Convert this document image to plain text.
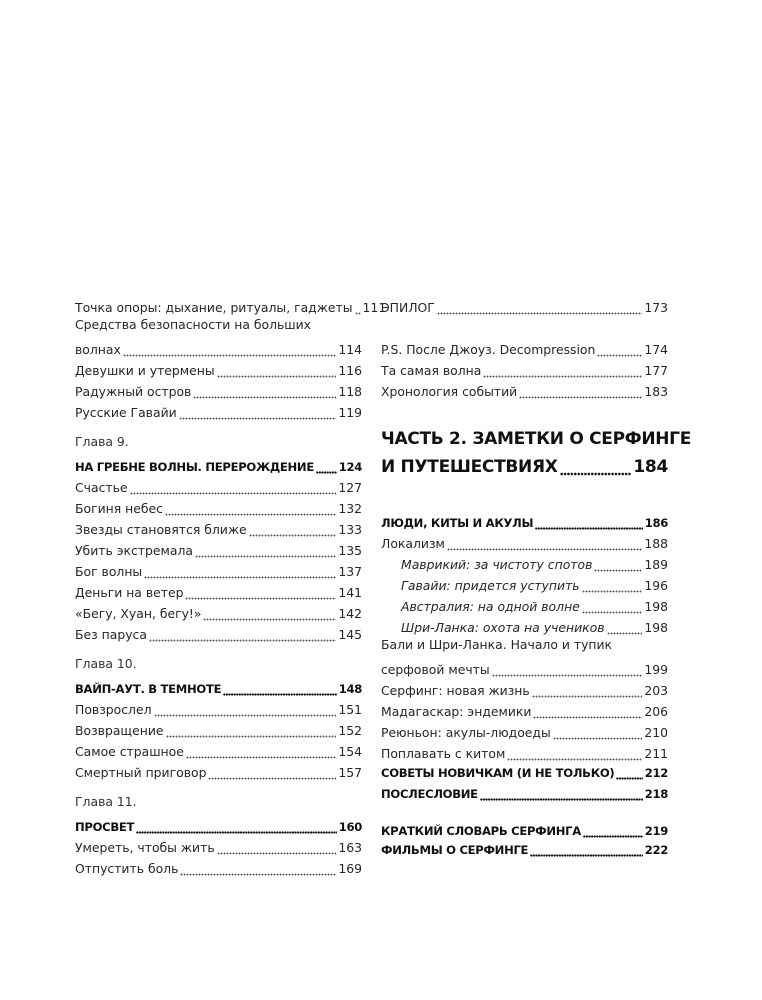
Точка опоры: дыхание, ритуалы, гаджеты 111
Средства безопасности на больших
волнах	114
Девушки и утермены	116
Радужный остров	118
Русские Гавайи	119
Глава 9.
НА ГРЕБНЕ ВОЛНЫ. ПЕРЕРОЖДЕНИЕ 124
Счастье	127
Богиня небес	132
Звезды становятся ближе	133
Убить экстремала	135
Бог волны	137
Деньги на ветер	141
«Бегу, Хуан, бегу!»	142
Без паруса	145
Глава 10.
ВАЙП-АУТ. В ТЕМНОТЕ	148
Повзрослел	151
Возвращение	152
Самое страшное	154
Смертный приговор	157
Глава 11.
ПРОСВЕТ	160
Умереть, чтобы жить	163
Отпустить боль	169
ЭПИЛОГ	173
P.S. После Джоуз. Decompression	174
Та самая волна	177
Хронология событий	183
ЧАСТЬ 2. ЗАМЕТКИ О СЕРФИНГЕ
И ПУТЕШЕСТВИЯХ	184
ЛЮДИ, КИТЫ И АКУЛЫ	186
Локализм	188
Маврикий: за чистоту спотов	189
Гавайи: придется уступить	196
Австралия: на одной волне	198
Шри-Ланка: охота на учеников	198
Бали и Шри-Ланка. Начало и тупик
серфовой мечты	199
Серфинг: новая жизнь	203
Мадагаскар: эндемики	206
Реюньон: акулы-людоеды	210
Поплавать с китом	211
СОВЕТЫ НОВИЧКАМ (И НЕ ТОЛЬКО)	212
ПОСЛЕСЛОВИЕ	218
КРАТКИЙ СЛОВАРЬ СЕРФИНГА	219
ФИЛЬМЫ О СЕРФИНГЕ	222
